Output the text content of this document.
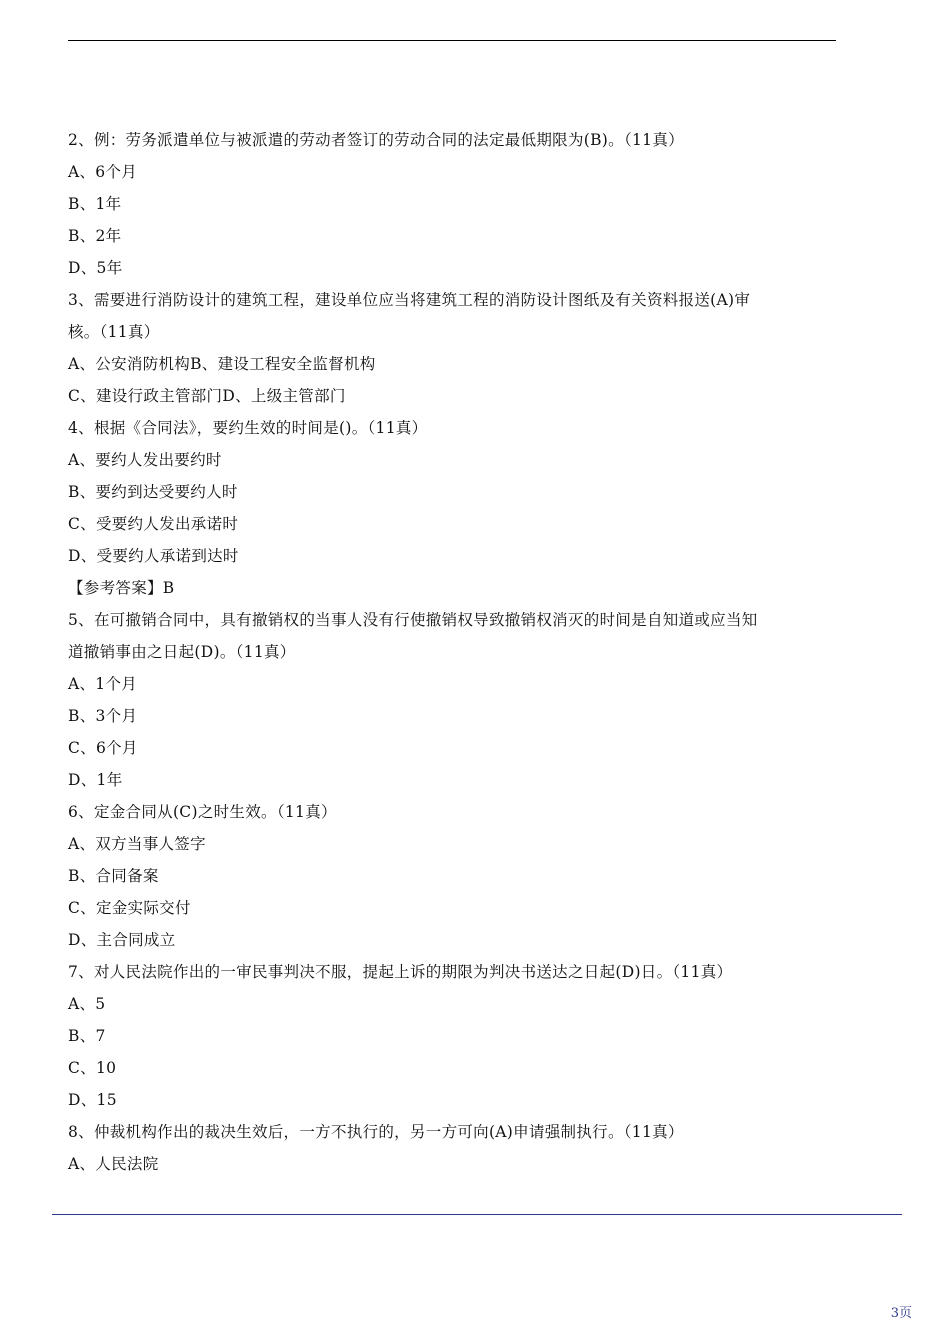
2、例：劳务派遣单位与被派遣的劳动者签订的劳动合同的法定最低期限为(B)。（11真）
A、6个月
B、1年
B、2年
D、5年
3、需要进行消防设计的建筑工程，建设单位应当将建筑工程的消防设计图纸及有关资料报送(A)审
核。（11真）
A、公安消防机构B、建设工程安全监督机构
C、建设行政主管部门D、上级主管部门
4、根据《合同法》，要约生效的时间是()。（11真）
A、要约人发出要约时
B、要约到达受要约人时
C、受要约人发出承诺时
D、受要约人承诺到达时
【参考答案】B
5、在可撤销合同中，具有撤销权的当事人没有行使撤销权导致撤销权消灭的时间是自知道或应当知
道撤销事由之日起(D)。（11真）
A、1个月
B、3个月
C、6个月
D、1年
6、定金合同从(C)之时生效。（11真）
A、双方当事人签字
B、合同备案
C、定金实际交付
D、主合同成立
7、对人民法院作出的一审民事判决不服，提起上诉的期限为判决书送达之日起(D)日。（11真）
A、5
B、7
C、10
D、15
8、仲裁机构作出的裁决生效后，一方不执行的，另一方可向(A)申请强制执行。（11真）
A、人民法院
3页
